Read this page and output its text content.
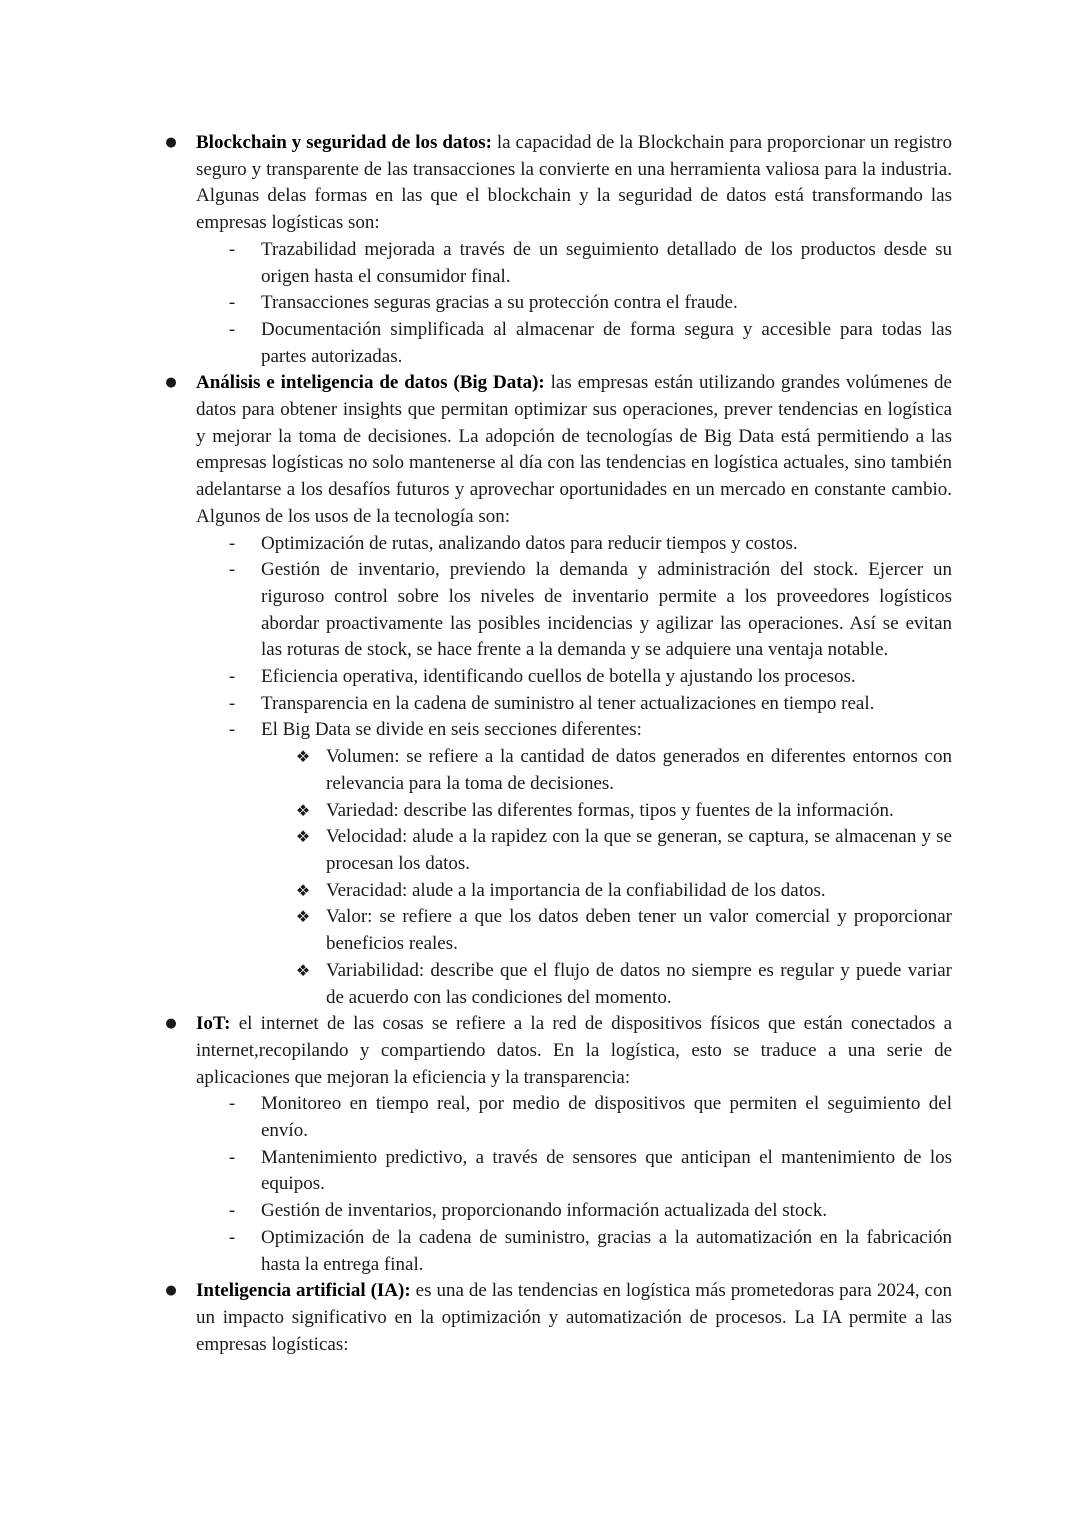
● Blockchain y seguridad de los datos: la capacidad de la Blockchain para proporcionar un registro seguro y transparente de las transacciones la convierte en una herramienta valiosa para la industria. Algunas delas formas en las que el blockchain y la seguridad de datos está transformando las empresas logísticas son:
- Trazabilidad mejorada a través de un seguimiento detallado de los productos desde su origen hasta el consumidor final.
- Transacciones seguras gracias a su protección contra el fraude.
- Documentación simplificada al almacenar de forma segura y accesible para todas las partes autorizadas.
● Análisis e inteligencia de datos (Big Data): las empresas están utilizando grandes volúmenes de datos para obtener insights que permitan optimizar sus operaciones, prever tendencias en logística y mejorar la toma de decisiones. La adopción de tecnologías de Big Data está permitiendo a las empresas logísticas no solo mantenerse al día con las tendencias en logística actuales, sino también adelantarse a los desafíos futuros y aprovechar oportunidades en un mercado en constante cambio. Algunos de los usos de la tecnología son:
- Optimización de rutas, analizando datos para reducir tiempos y costos.
- Gestión de inventario, previendo la demanda y administración del stock. Ejercer un riguroso control sobre los niveles de inventario permite a los proveedores logísticos abordar proactivamente las posibles incidencias y agilizar las operaciones. Así se evitan las roturas de stock, se hace frente a la demanda y se adquiere una ventaja notable.
- Eficiencia operativa, identificando cuellos de botella y ajustando los procesos.
- Transparencia en la cadena de suministro al tener actualizaciones en tiempo real.
- El Big Data se divide en seis secciones diferentes:
❖ Volumen: se refiere a la cantidad de datos generados en diferentes entornos con relevancia para la toma de decisiones.
❖ Variedad: describe las diferentes formas, tipos y fuentes de la información.
❖ Velocidad: alude a la rapidez con la que se generan, se captura, se almacenan y se procesan los datos.
❖ Veracidad: alude a la importancia de la confiabilidad de los datos.
❖ Valor: se refiere a que los datos deben tener un valor comercial y proporcionar beneficios reales.
❖ Variabilidad: describe que el flujo de datos no siempre es regular y puede variar de acuerdo con las condiciones del momento.
● IoT: el internet de las cosas se refiere a la red de dispositivos físicos que están conectados a internet,recopilando y compartiendo datos. En la logística, esto se traduce a una serie de aplicaciones que mejoran la eficiencia y la transparencia:
- Monitoreo en tiempo real, por medio de dispositivos que permiten el seguimiento del envío.
- Mantenimiento predictivo, a través de sensores que anticipan el mantenimiento de los equipos.
- Gestión de inventarios, proporcionando información actualizada del stock.
- Optimización de la cadena de suministro, gracias a la automatización en la fabricación hasta la entrega final.
● Inteligencia artificial (IA): es una de las tendencias en logística más prometedoras para 2024, con un impacto significativo en la optimización y automatización de procesos. La IA permite a las empresas logísticas:
